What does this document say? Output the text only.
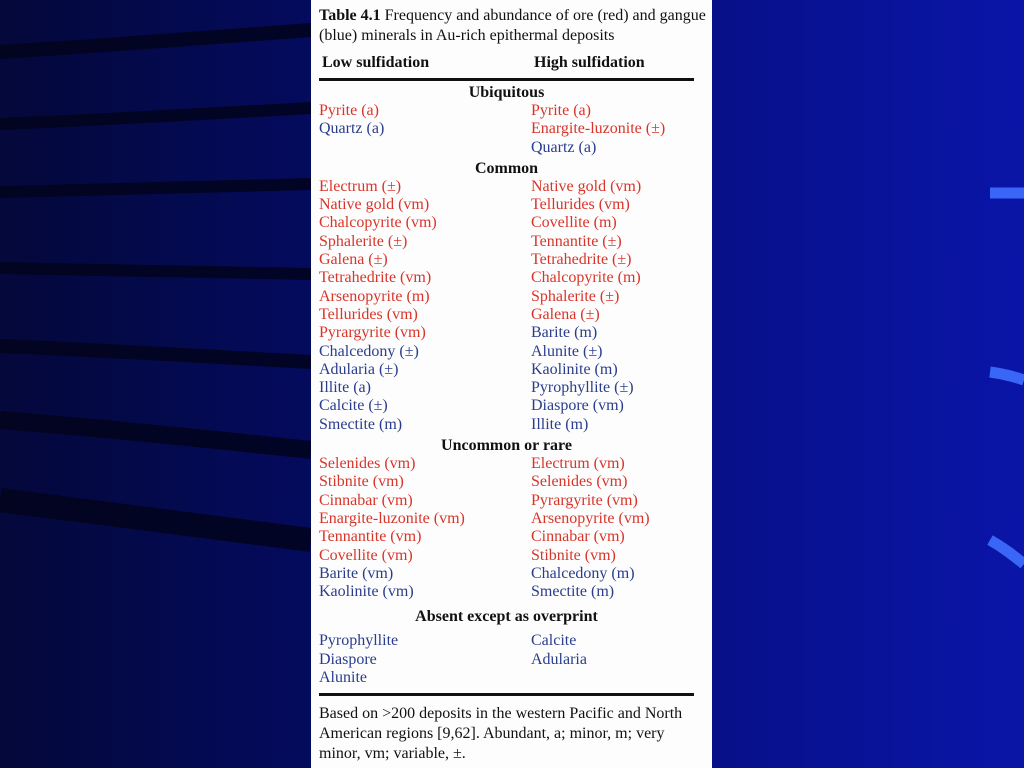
Table 4.1 Frequency and abundance of ore (red) and gangue (blue) minerals in Au-rich epithermal deposits

Low sulfidation	High sulfidation
Ubiquitous
Pyrite (a)
Quartz (a)
Pyrite (a)
Enargite-luzonite (±)
Quartz (a)
Common
Electrum (±)
Native gold (vm)
Chalcopyrite (vm)
Sphalerite (±)
Galena (±)
Tetrahedrite (vm)
Arsenopyrite (m)
Tellurides (vm)
Pyrargyrite (vm)
Chalcedony (±)
Adularia (±)
Illite (a)
Calcite (±)
Smectite (m)
Native gold (vm)
Tellurides (vm)
Covellite (m)
Tennantite (±)
Tetrahedrite (±)
Chalcopyrite (m)
Sphalerite (±)
Galena (±)
Barite (m)
Alunite (±)
Kaolinite (m)
Pyrophyllite (±)
Diaspore (vm)
Illite (m)
Uncommon or rare
Selenides (vm)
Stibnite (vm)
Cinnabar (vm)
Enargite-luzonite (vm)
Tennantite (vm)
Covellite (vm)
Barite (vm)
Kaolinite (vm)
Electrum (vm)
Selenides (vm)
Pyrargyrite (vm)
Arsenopyrite (vm)
Cinnabar (vm)
Stibnite (vm)
Chalcedony (m)
Smectite (m)
Absent except as overprint
Pyrophyllite
Diaspore
Alunite
Calcite
Adularia

Based on >200 deposits in the western Pacific and North American regions [9,62]. Abundant, a; minor, m; very minor, vm; variable, ±.
